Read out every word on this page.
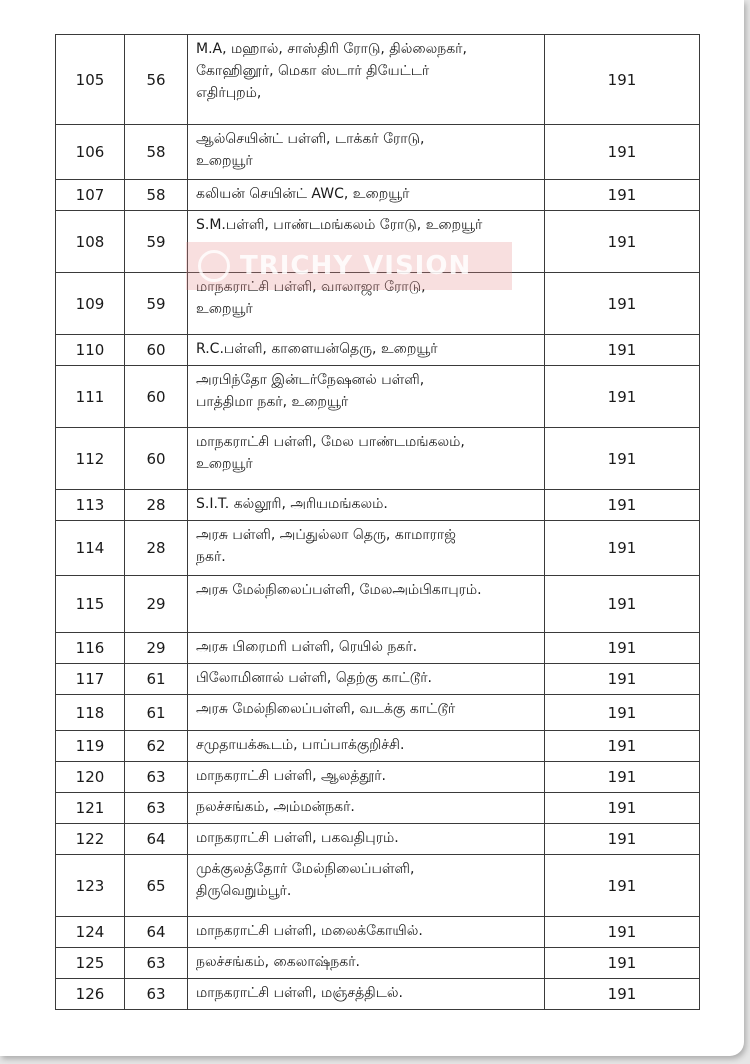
105	56	M.A, மஹால், சாஸ்திரி ரோடு, தில்லைநகர்,
கோஹினூர், மெகா ஸ்டார் தியேட்டர்
எதிர்புறம்,	191
106	58	ஆல்செயின்ட் பள்ளி, டாக்கர் ரோடு,
உறையூர்	191
107	58	கலியன் செயின்ட் AWC, உறையூர்	191
108	59	S.M.பள்ளி, பாண்டமங்கலம் ரோடு, உறையூர்	191
109	59	மாநகராட்சி பள்ளி, வாலாஜா ரோடு,
உறையூர்	191
110	60	R.C.பள்ளி, காளையன்தெரு, உறையூர்	191
111	60	அரபிந்தோ இன்டர்நேஷனல் பள்ளி,
பாத்திமா நகர், உறையூர்	191
112	60	மாநகராட்சி பள்ளி, மேல பாண்டமங்கலம்,
உறையூர்	191
113	28	S.I.T. கல்லூரி, அரியமங்கலம்.	191
114	28	அரசு பள்ளி, அப்துல்லா தெரு, காமாராஜ்
நகர்.	191
115	29	அரசு மேல்நிலைப்பள்ளி, மேலஅம்பிகாபுரம்.	191
116	29	அரசு பிரைமரி பள்ளி, ரெயில் நகர்.	191
117	61	பிலோமினால் பள்ளி, தெற்கு காட்டூர்.	191
118	61	அரசு மேல்நிலைப்பள்ளி, வடக்கு காட்டூர்	191
119	62	சமுதாயக்கூடம், பாப்பாக்குறிச்சி.	191
120	63	மாநகராட்சி பள்ளி, ஆலத்தூர்.	191
121	63	நலச்சங்கம், அம்மன்நகர்.	191
122	64	மாநகராட்சி பள்ளி, பகவதிபுரம்.	191
123	65	முக்குலத்தோர் மேல்நிலைப்பள்ளி,
திருவெறும்பூர்.	191
124	64	மாநகராட்சி பள்ளி, மலைக்கோயில்.	191
125	63	நலச்சங்கம், கைலாஷ்நகர்.	191
126	63	மாநகராட்சி பள்ளி, மஞ்சத்திடல்.	191
TRICHY VISION
